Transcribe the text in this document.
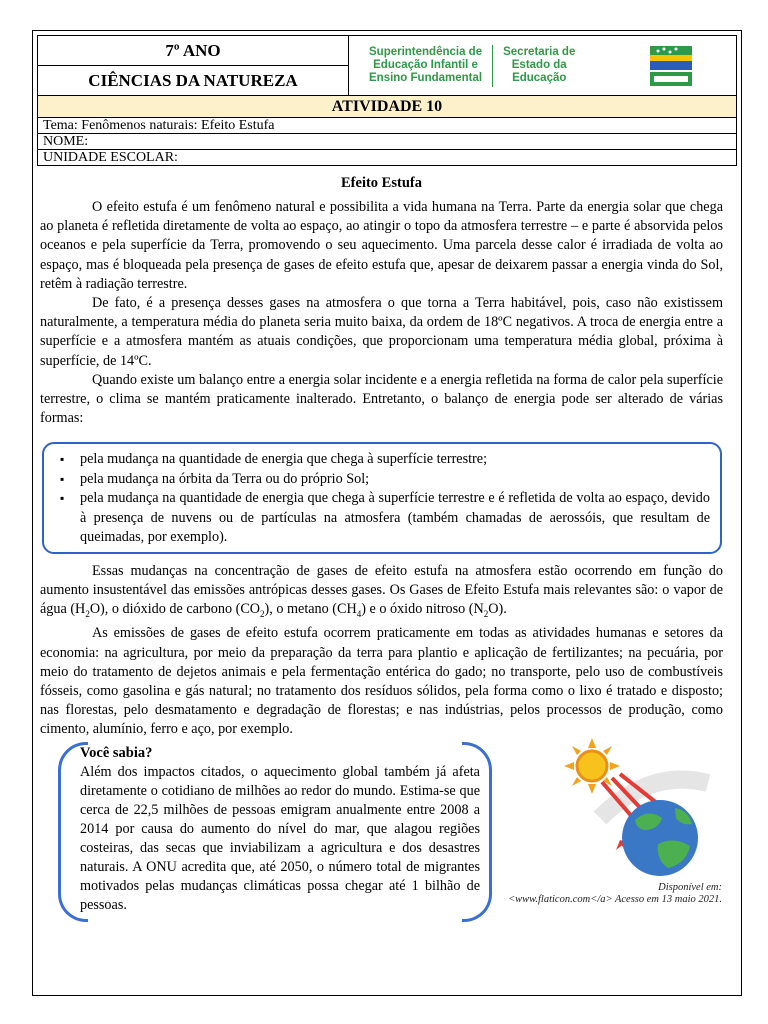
7º ANO
CIÊNCIAS DA NATUREZA
Superintendência de
Educação Infantil e
Ensino Fundamental
Secretaria de
Estado da
Educação
ATIVIDADE 10
Tema: Fenômenos naturais: Efeito Estufa
NOME:
UNIDADE ESCOLAR:
Efeito Estufa

O efeito estufa é um fenômeno natural e possibilita a vida humana na Terra. Parte da energia solar que chega ao planeta é refletida diretamente de volta ao espaço, ao atingir o topo da atmosfera terrestre – e parte é absorvida pelos oceanos e pela superfície da Terra, promovendo o seu aquecimento. Uma parcela desse calor é irradiada de volta ao espaço, mas é bloqueada pela presença de gases de efeito estufa que, apesar de deixarem passar a energia vinda do Sol, retêm à radiação terrestre.

De fato, é a presença desses gases na atmosfera o que torna a Terra habitável, pois, caso não existissem naturalmente, a temperatura média do planeta seria muito baixa, da ordem de 18ºC negativos. A troca de energia entre a superfície e a atmosfera mantém as atuais condições, que proporcionam uma temperatura média global, próxima à superfície, de 14ºC.

Quando existe um balanço entre a energia solar incidente e a energia refletida na forma de calor pela superfície terrestre, o clima se mantém praticamente inalterado. Entretanto, o balanço de energia pode ser alterado de várias formas:

▪ pela mudança na quantidade de energia que chega à superfície terrestre;
▪ pela mudança na órbita da Terra ou do próprio Sol;
▪ pela mudança na quantidade de energia que chega à superfície terrestre e é refletida de volta ao espaço, devido à presença de nuvens ou de partículas na atmosfera (também chamadas de aerossóis, que resultam de queimadas, por exemplo).

Essas mudanças na concentração de gases de efeito estufa na atmosfera estão ocorrendo em função do aumento insustentável das emissões antrópicas desses gases. Os Gases de Efeito Estufa mais relevantes são: o vapor de água $(H_2O)$, o dióxido de carbono $(CO_2)$, o metano $(CH_4)$ e o óxido nitroso $(N_2O)$.

As emissões de gases de efeito estufa ocorrem praticamente em todas as atividades humanas e setores da economia: na agricultura, por meio da preparação da terra para plantio e aplicação de fertilizantes; na pecuária, por meio do tratamento de dejetos animais e pela fermentação entérica do gado; no transporte, pelo uso de combustíveis fósseis, como gasolina e gás natural; no tratamento dos resíduos sólidos, pela forma como o lixo é tratado e disposto; nas florestas, pelo desmatamento e degradação de florestas; e nas indústrias, pelos processos de produção, como cimento, alumínio, ferro e aço, por exemplo.

Você sabia?
Além dos impactos citados, o aquecimento global também já afeta diretamente o cotidiano de milhões ao redor do mundo. Estima-se que cerca de 22,5 milhões de pessoas emigram anualmente entre 2008 a 2014 por causa do aumento do nível do mar, que alagou regiões costeiras, das secas que inviabilizam a agricultura e dos desastres naturais. A ONU acredita que, até 2050, o número total de migrantes motivados pelas mudanças climáticas possa chegar até 1 bilhão de pessoas.
Disponível em:
<www.flaticon.com</a> Acesso em 13 maio 2021.
